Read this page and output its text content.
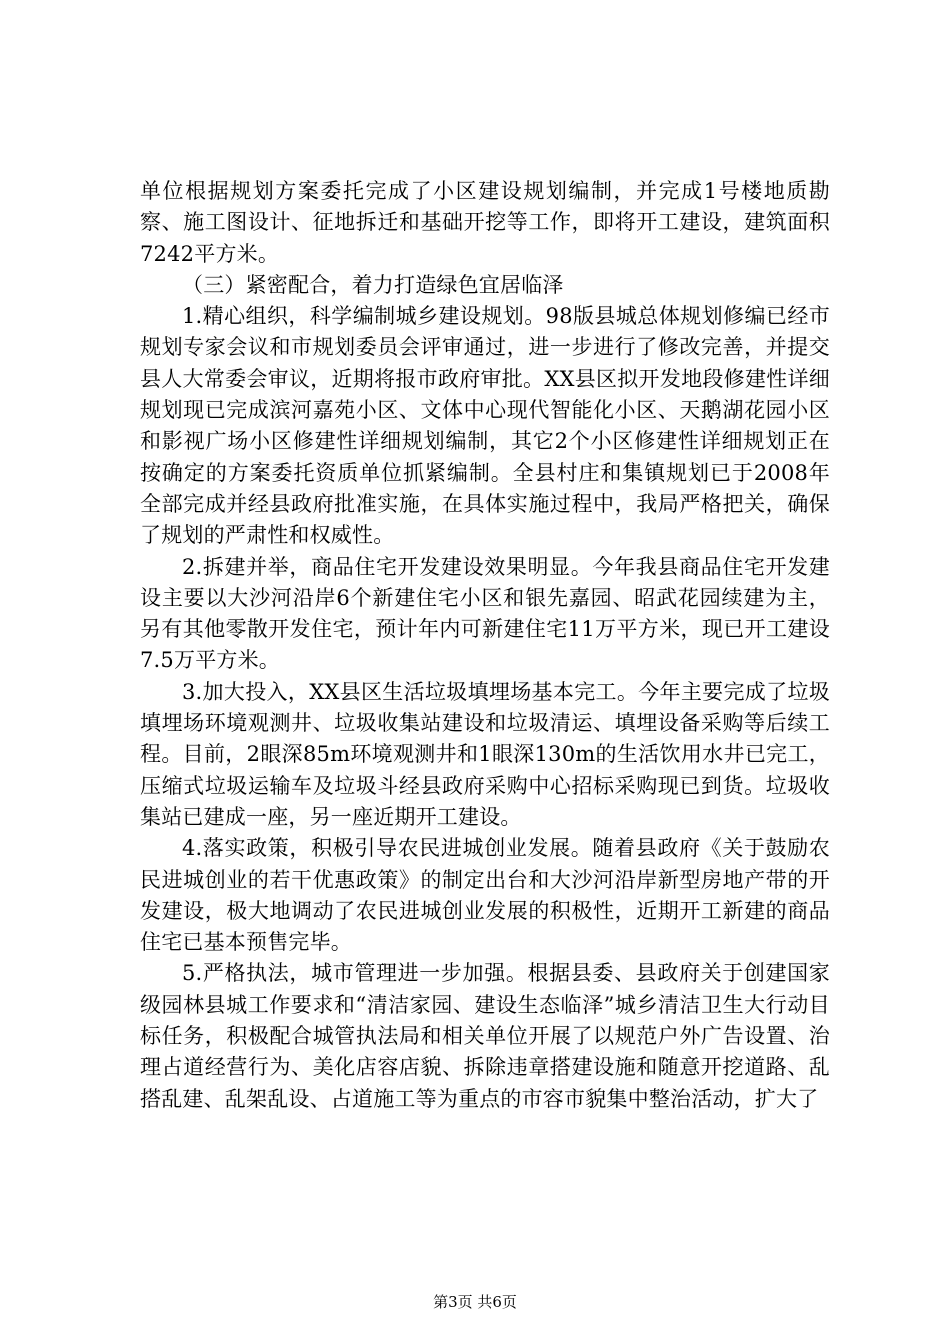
单位根据规划方案委托完成了小区建设规划编制，并完成1号楼地质勘察、施工图设计、征地拆迁和基础开挖等工作，即将开工建设，建筑面积7242平方米。

（三）紧密配合，着力打造绿色宜居临泽

1.精心组织，科学编制城乡建设规划。98版县城总体规划修编已经市规划专家会议和市规划委员会评审通过，进一步进行了修改完善，并提交县人大常委会审议，近期将报市政府审批。XX县区拟开发地段修建性详细规划现已完成滨河嘉苑小区、文体中心现代智能化小区、天鹅湖花园小区和影视广场小区修建性详细规划编制，其它2个小区修建性详细规划正在按确定的方案委托资质单位抓紧编制。全县村庄和集镇规划已于2008年全部完成并经县政府批准实施，在具体实施过程中，我局严格把关，确保了规划的严肃性和权威性。

2.拆建并举，商品住宅开发建设效果明显。今年我县商品住宅开发建设主要以大沙河沿岸6个新建住宅小区和银先嘉园、昭武花园续建为主，另有其他零散开发住宅，预计年内可新建住宅11万平方米，现已开工建设7.5万平方米。

3.加大投入，XX县区生活垃圾填埋场基本完工。今年主要完成了垃圾填埋场环境观测井、垃圾收集站建设和垃圾清运、填埋设备采购等后续工程。目前，2眼深85m环境观测井和1眼深130m的生活饮用水井已完工，压缩式垃圾运输车及垃圾斗经县政府采购中心招标采购现已到货。垃圾收集站已建成一座，另一座近期开工建设。

4.落实政策，积极引导农民进城创业发展。随着县政府《关于鼓励农民进城创业的若干优惠政策》的制定出台和大沙河沿岸新型房地产带的开发建设，极大地调动了农民进城创业发展的积极性，近期开工新建的商品住宅已基本预售完毕。

5.严格执法，城市管理进一步加强。根据县委、县政府关于创建国家级园林县城工作要求和“清洁家园、建设生态临泽”城乡清洁卫生大行动目标任务，积极配合城管执法局和相关单位开展了以规范户外广告设置、治理占道经营行为、美化店容店貌、拆除违章搭建设施和随意开挖道路、乱搭乱建、乱架乱设、占道施工等为重点的市容市貌集中整治活动，扩大了

第3页 共6页
